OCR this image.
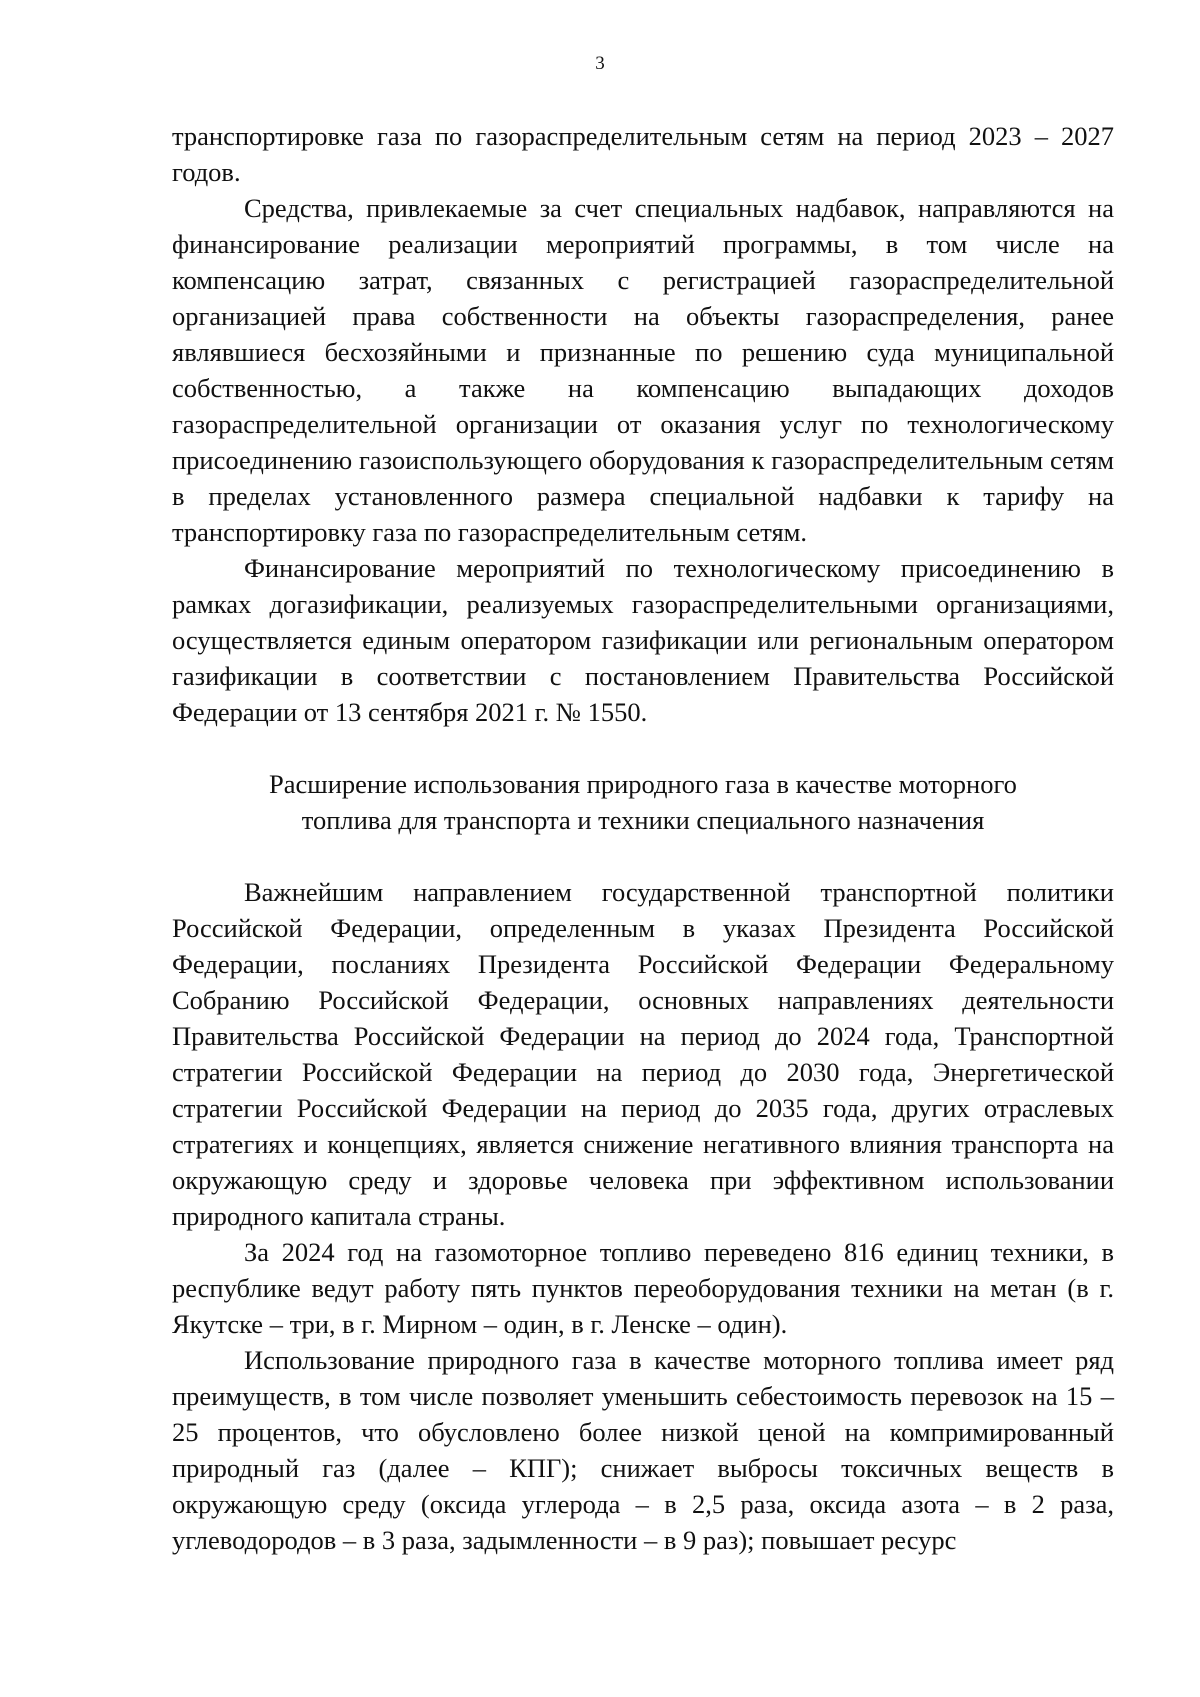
3

транспортировке газа по газораспределительным сетям на период 2023 – 2027 годов.

Средства, привлекаемые за счет специальных надбавок, направляются на финансирование реализации мероприятий программы, в том числе на компенсацию затрат, связанных с регистрацией газораспределительной организацией права собственности на объекты газораспределения, ранее являвшиеся бесхозяйными и признанные по решению суда муниципальной собственностью, а также на компенсацию выпадающих доходов газораспределительной организации от оказания услуг по технологическому присоединению газоиспользующего оборудования к газораспределительным сетям в пределах установленного размера специальной надбавки к тарифу на транспортировку газа по газораспределительным сетям.

Финансирование мероприятий по технологическому присоединению в рамках догазификации, реализуемых газораспределительными организациями, осуществляется единым оператором газификации или региональным оператором газификации в соответствии с постановлением Правительства Российской Федерации от 13 сентября 2021 г. № 1550.

Расширение использования природного газа в качестве моторного

топлива для транспорта и техники специального назначения

Важнейшим направлением государственной транспортной политики Российской Федерации, определенным в указах Президента Российской Федерации, посланиях Президента Российской Федерации Федеральному Собранию Российской Федерации, основных направлениях деятельности Правительства Российской Федерации на период до 2024 года, Транспортной стратегии Российской Федерации на период до 2030 года, Энергетической стратегии Российской Федерации на период до 2035 года, других отраслевых стратегиях и концепциях, является снижение негативного влияния транспорта на окружающую среду и здоровье человека при эффективном использовании природного капитала страны.

За 2024 год на газомоторное топливо переведено 816 единиц техники, в республике ведут работу пять пунктов переоборудования техники на метан (в г. Якутске – три, в г. Мирном – один, в г. Ленске – один).

Использование природного газа в качестве моторного топлива имеет ряд преимуществ, в том числе позволяет уменьшить себестоимость перевозок на 15 – 25 процентов, что обусловлено более низкой ценой на компримированный природный газ (далее – КПГ); снижает выбросы токсичных веществ в окружающую среду (оксида углерода – в 2,5 раза, оксида азота – в 2 раза, углеводородов – в 3 раза, задымленности – в 9 раз); повышает ресурс
